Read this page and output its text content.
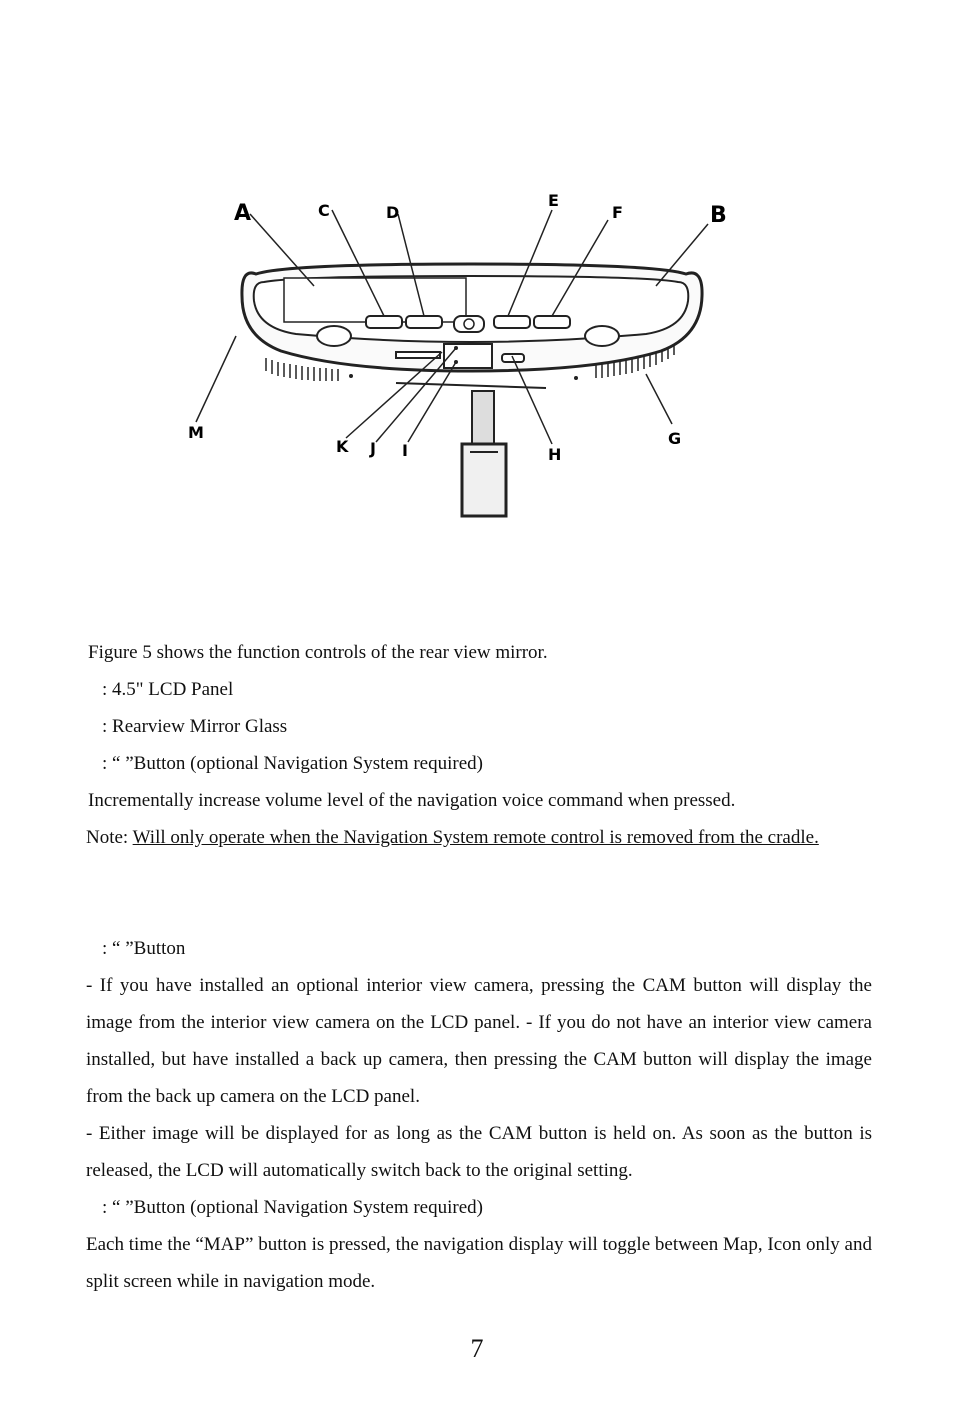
A	C	D
E
F	B
M	G
K J I	H
Figure 5 shows the function controls of the rear view mirror.
: 4.5" LCD Panel
: Rearview Mirror Glass
: “ ”Button (optional Navigation System required)
Incrementally increase volume level of the navigation voice command when pressed.
Note: Will only operate when the Navigation System remote control is removed from the cradle.
: “ ”Button
- If you have installed an optional interior view camera, pressing the CAM button will display the image from the interior view camera on the LCD panel. - If you do not have an interior view camera installed, but have installed a back up camera, then pressing the CAM button will display the image from the back up camera on the LCD panel.
- Either image will be displayed for as long as the CAM button is held on. As soon as the button is released, the LCD will automatically switch back to the original setting.
: “ ”Button (optional Navigation System required)
Each time the “MAP” button is pressed, the navigation display will toggle between Map, Icon only and split screen while in navigation mode.
7
